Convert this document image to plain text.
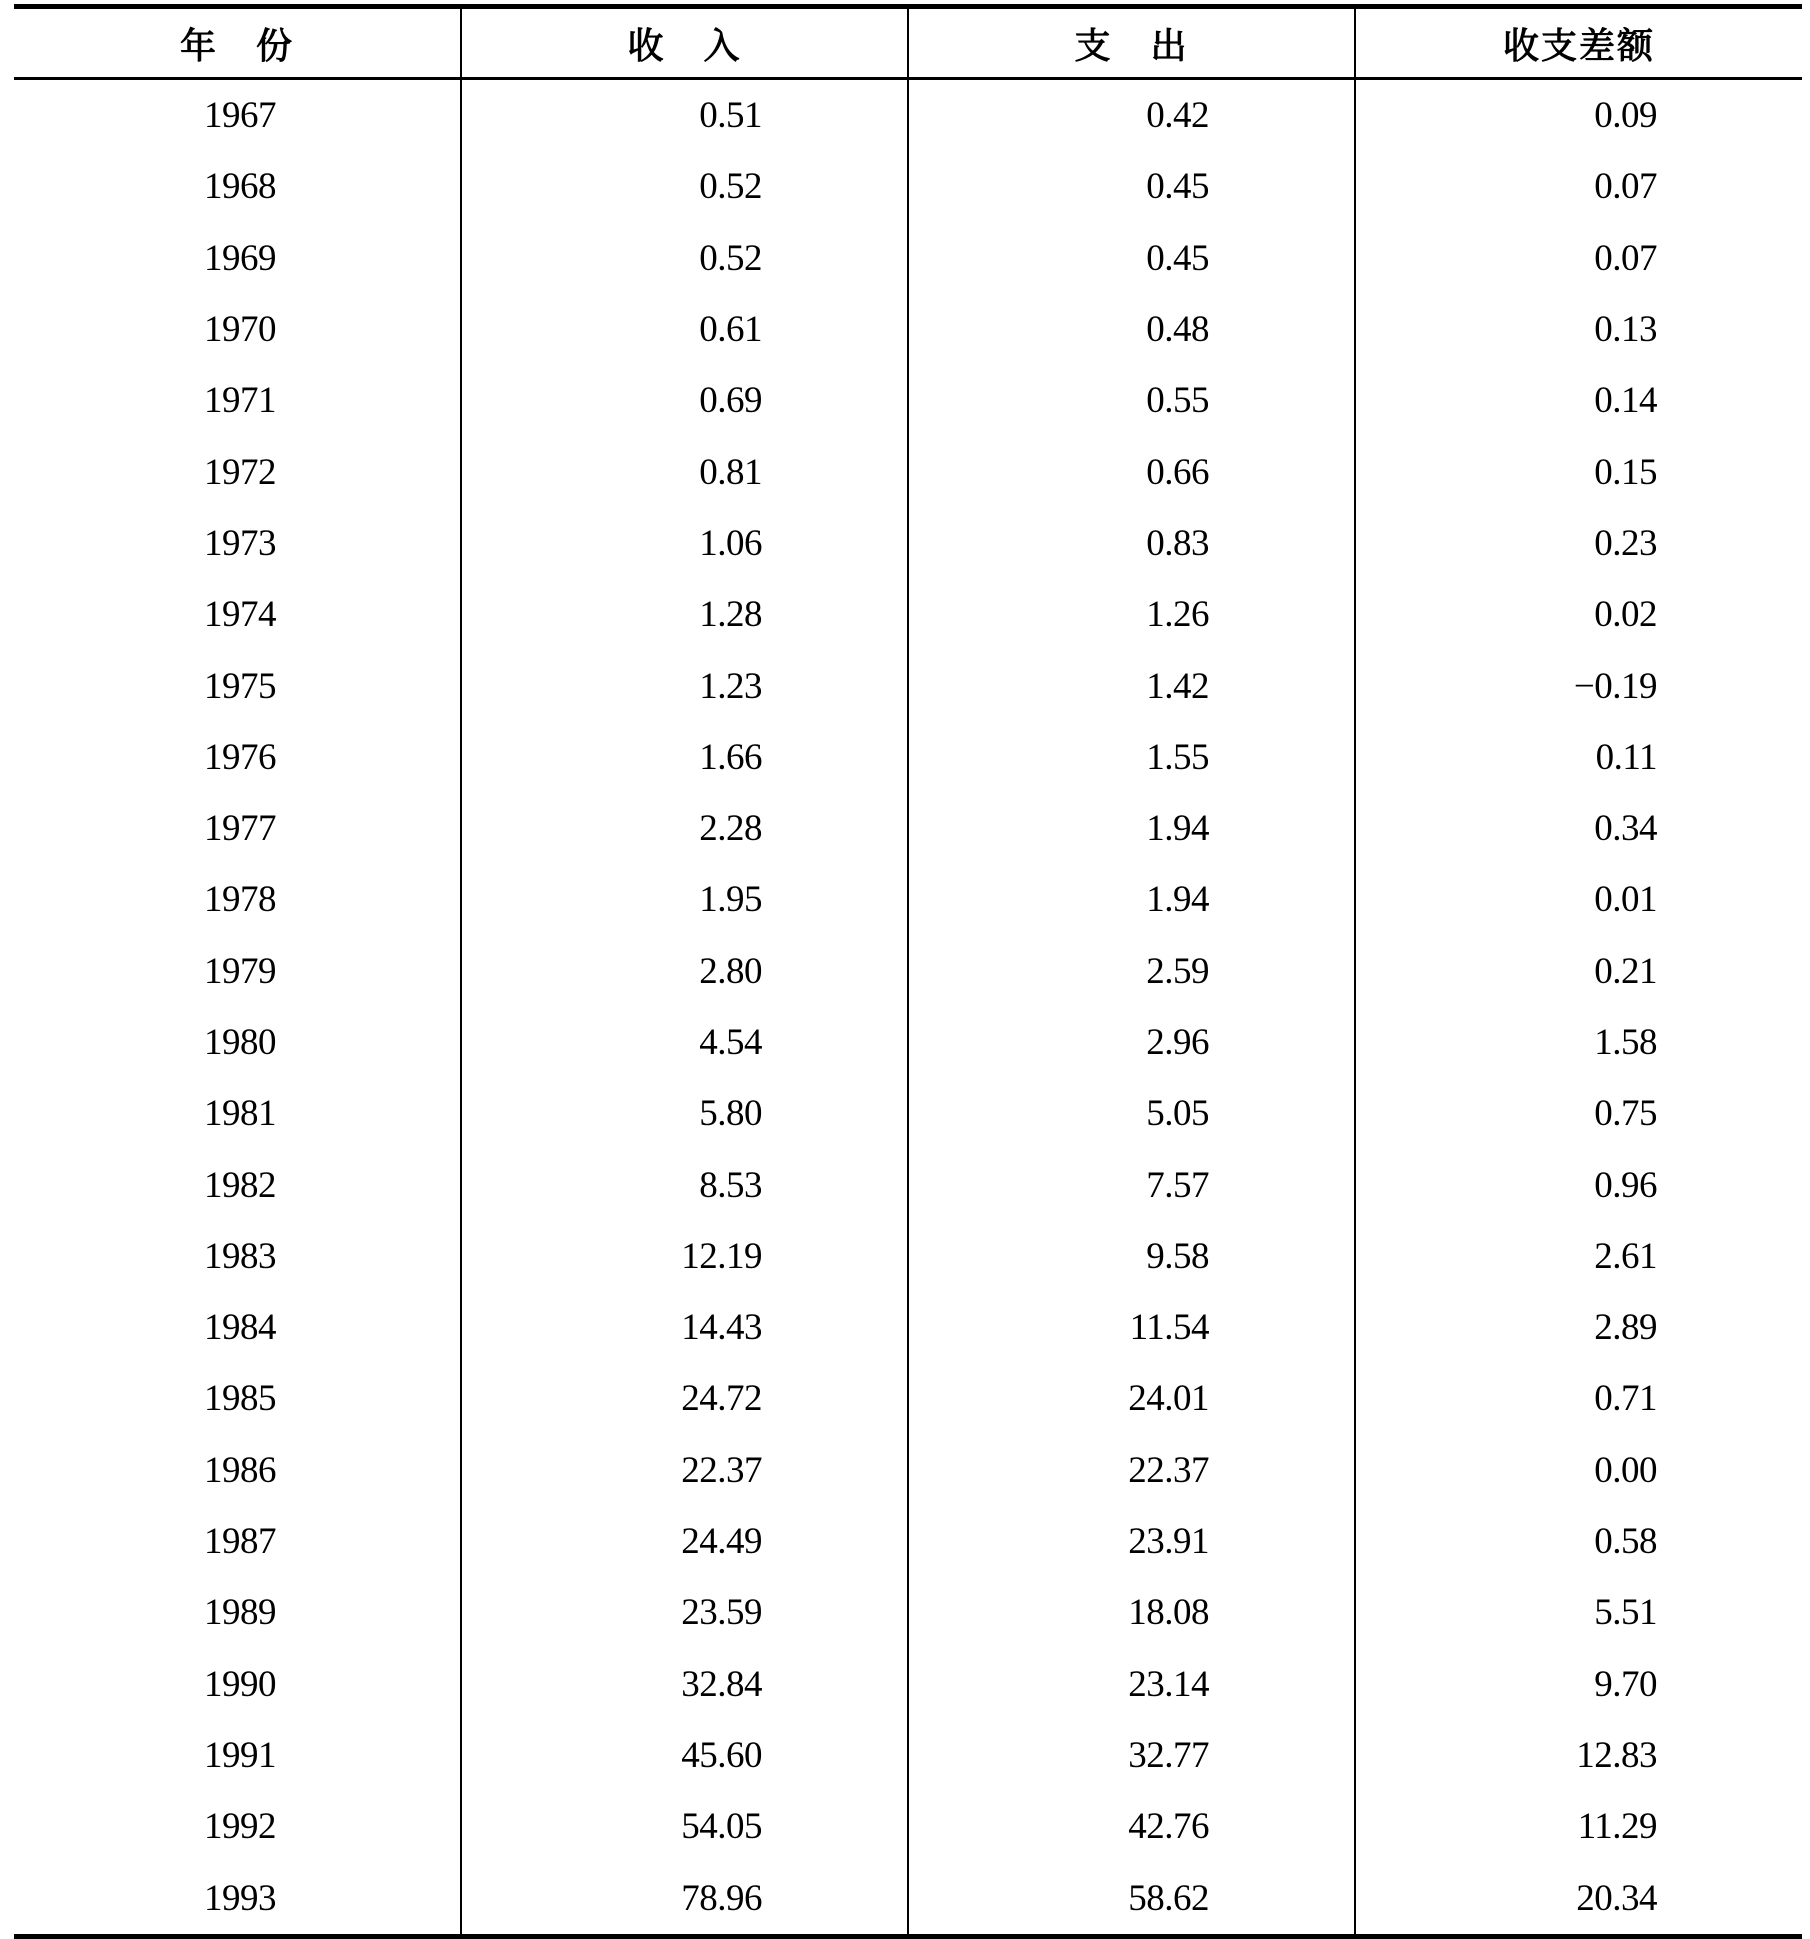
年　份	收　入	支　出	收支差额
1967	0.51	0.42	0.09
1968	0.52	0.45	0.07
1969	0.52	0.45	0.07
1970	0.61	0.48	0.13
1971	0.69	0.55	0.14
1972	0.81	0.66	0.15
1973	1.06	0.83	0.23
1974	1.28	1.26	0.02
1975	1.23	1.42	−0.19
1976	1.66	1.55	0.11
1977	2.28	1.94	0.34
1978	1.95	1.94	0.01
1979	2.80	2.59	0.21
1980	4.54	2.96	1.58
1981	5.80	5.05	0.75
1982	8.53	7.57	0.96
1983	12.19	9.58	2.61
1984	14.43	11.54	2.89
1985	24.72	24.01	0.71
1986	22.37	22.37	0.00
1987	24.49	23.91	0.58
1989	23.59	18.08	5.51
1990	32.84	23.14	9.70
1991	45.60	32.77	12.83
1992	54.05	42.76	11.29
1993	78.96	58.62	20.34
